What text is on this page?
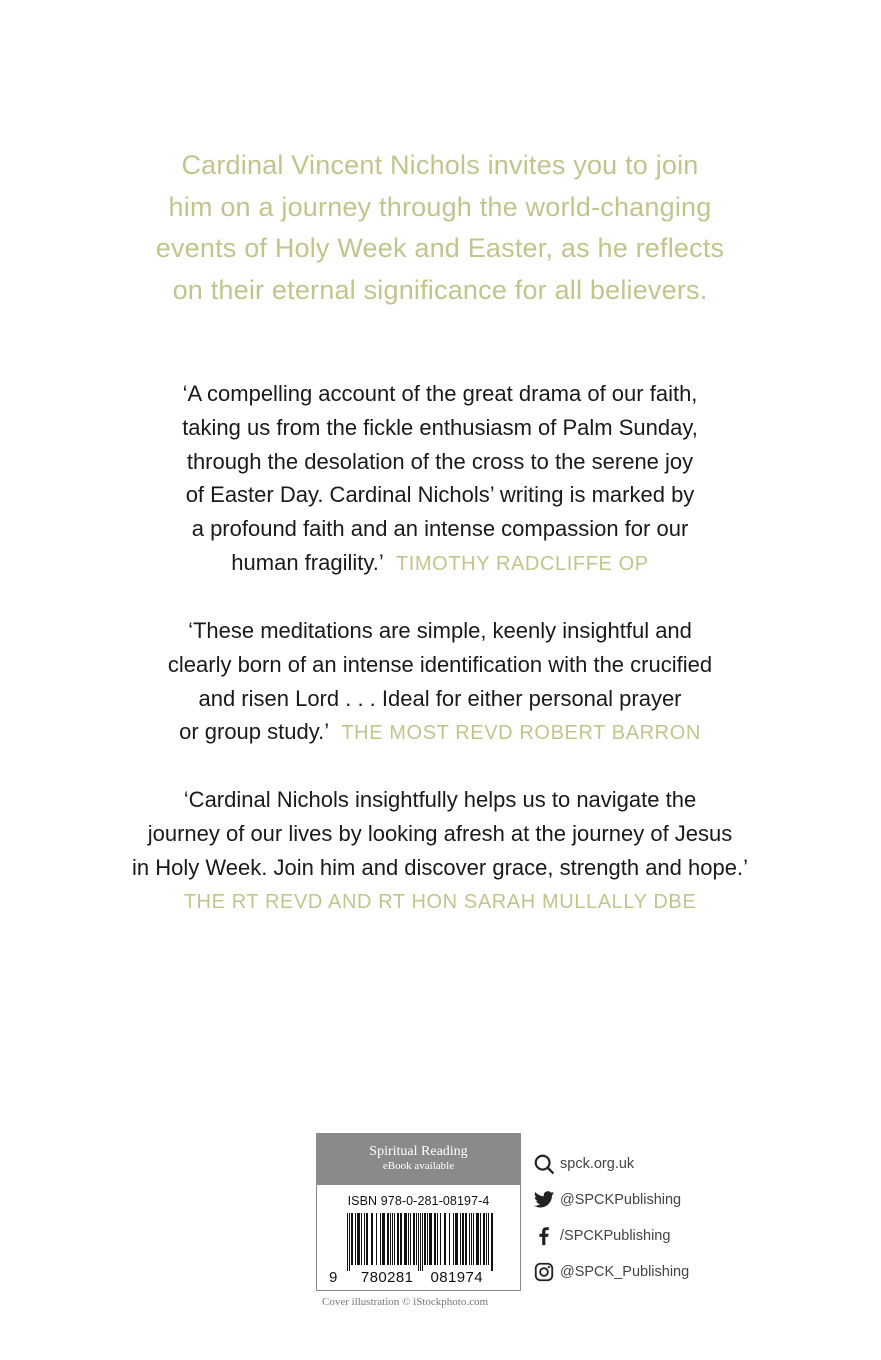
Cardinal Vincent Nichols invites you to join
him on a journey through the world-changing
events of Holy Week and Easter, as he reflects
on their eternal significance for all believers.
‘A compelling account of the great drama of our faith,
taking us from the fickle enthusiasm of Palm Sunday,
through the desolation of the cross to the serene joy
of Easter Day. Cardinal Nichols’ writing is marked by
a profound faith and an intense compassion for our
human fragility.’ TIMOTHY RADCLIFFE OP
‘These meditations are simple, keenly insightful and
clearly born of an intense identification with the crucified
and risen Lord . . . Ideal for either personal prayer
or group study.’ THE MOST REVD ROBERT BARRON
‘Cardinal Nichols insightfully helps us to navigate the
journey of our lives by looking afresh at the journey of Jesus
in Holy Week. Join him and discover grace, strength and hope.’
THE RT REVD AND RT HON SARAH MULLALLY DBE
Spiritual Reading
eBook available
ISBN 978-0-281-08197-4
9 780281 081974
Cover illustration © iStockphoto.com
spck.org.uk
@SPCKPublishing
/SPCKPublishing
@SPCK_Publishing
